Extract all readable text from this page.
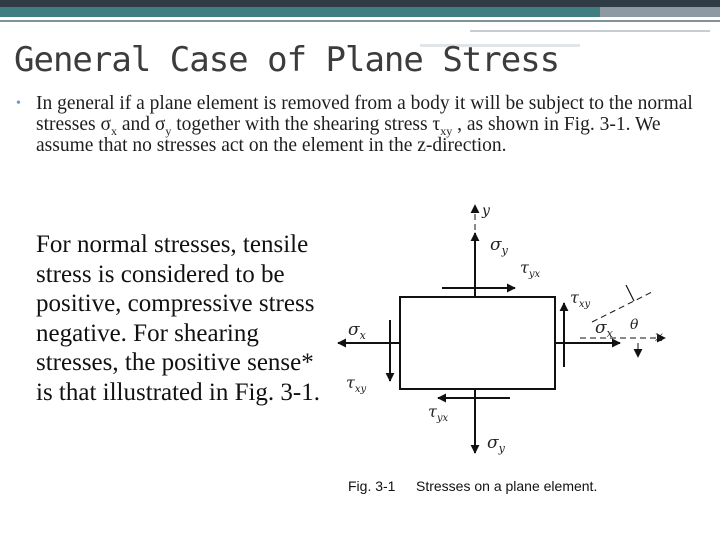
General Case of Plane Stress
• In general if a plane element is removed from a body it will be subject to the normal stresses $\sigma_x$ and $\sigma_y$ together with the shearing stress $\tau_{xy}$ , as shown in Fig. 3-1. We assume that no stresses act on the element in the z-direction.

For normal stresses, tensile stress is considered to be positive, compressive stress negative. For shearing stresses, the positive sense* is that illustrated in Fig. 3-1.

y
x
θ
$\sigma_y$
$\sigma_y$
$\sigma_x$
$\sigma_x$
$\tau_{yx}$
$\tau_{xy}$
$\tau_{yx}$
$\tau_{xy}$
Fig. 3-1 Stresses on a plane element.
